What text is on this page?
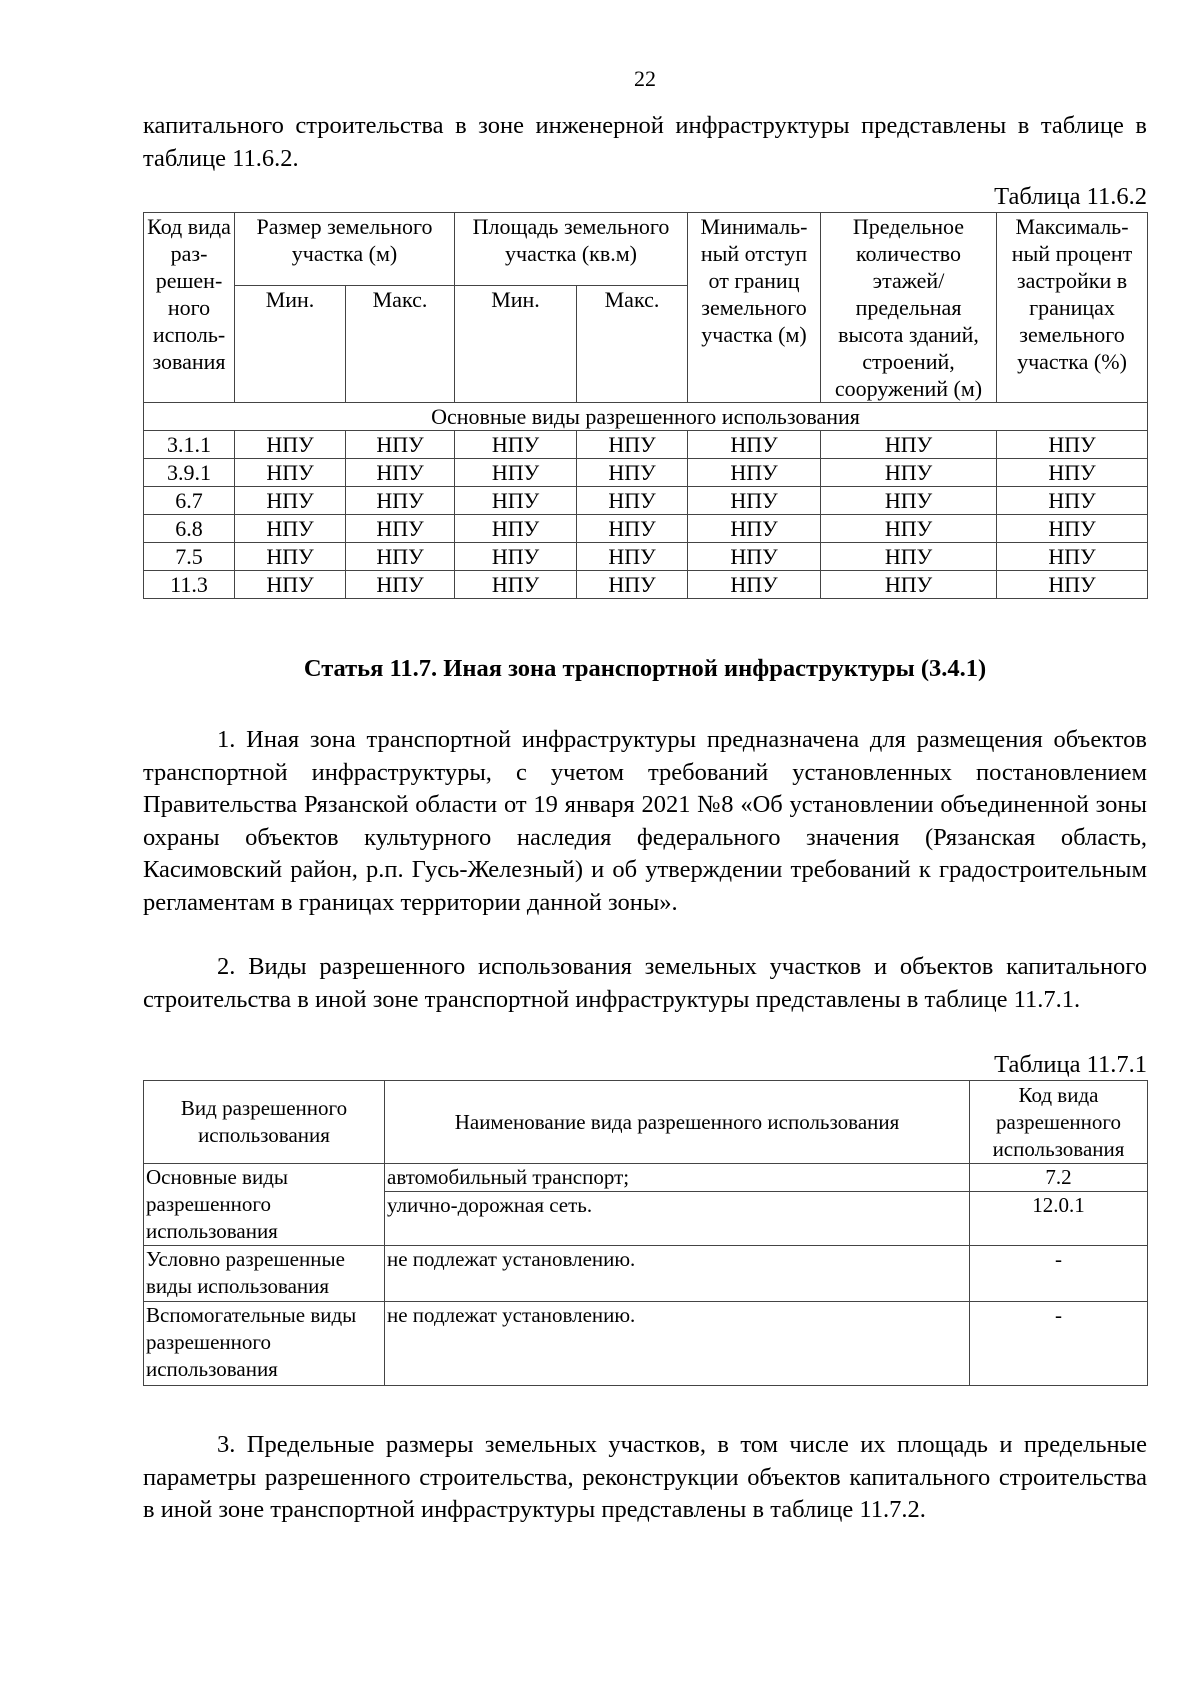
22

капитального строительства в зоне инженерной инфраструктуры представлены в таблице в таблице 11.6.2.

Таблица 11.6.2
Код вида раз-решен-ного исполь-зования	Размер земельного участка (м)		Площадь земельного участка (кв.м)		Минималь-ный отступ от границ земельного участка (м)	Предельное количество этажей/ предельная высота зданий, строений, сооружений (м)	Максималь-ный процент застройки в границах земельного участка (%)
	Мин.	Макс.	Мин.	Макс.			
Основные виды разрешенного использования							
3.1.1	НПУ	НПУ	НПУ	НПУ	НПУ	НПУ	НПУ
3.9.1	НПУ	НПУ	НПУ	НПУ	НПУ	НПУ	НПУ
6.7	НПУ	НПУ	НПУ	НПУ	НПУ	НПУ	НПУ
6.8	НПУ	НПУ	НПУ	НПУ	НПУ	НПУ	НПУ
7.5	НПУ	НПУ	НПУ	НПУ	НПУ	НПУ	НПУ
11.3	НПУ	НПУ	НПУ	НПУ	НПУ	НПУ	НПУ

Статья 11.7. Иная зона транспортной инфраструктуры (3.4.1)

1. Иная зона транспортной инфраструктуры предназначена для размещения объектов транспортной инфраструктуры, с учетом требований установленных постановлением Правительства Рязанской области от 19 января 2021 №8 «Об установлении объединенной зоны охраны объектов культурного наследия федерального значения (Рязанская область, Касимовский район, р.п. Гусь-Железный) и об утверждении требований к градостроительным регламентам в границах территории данной зоны».

2. Виды разрешенного использования земельных участков и объектов капитального строительства в иной зоне транспортной инфраструктуры представлены в таблице 11.7.1.

Таблица 11.7.1
Вид разрешенного использования	Наименование вида разрешенного использования	Код вида разрешенного использования
Основные виды разрешенного использования	автомобильный транспорт;	7.2
	улично-дорожная сеть.	12.0.1
Условно разрешенные виды использования	не подлежат установлению.	-
Вспомогательные виды разрешенного использования	не подлежат установлению.	-

3. Предельные размеры земельных участков, в том числе их площадь и предельные параметры разрешенного строительства, реконструкции объектов капитального строительства в иной зоне транспортной инфраструктуры представлены в таблице 11.7.2.
